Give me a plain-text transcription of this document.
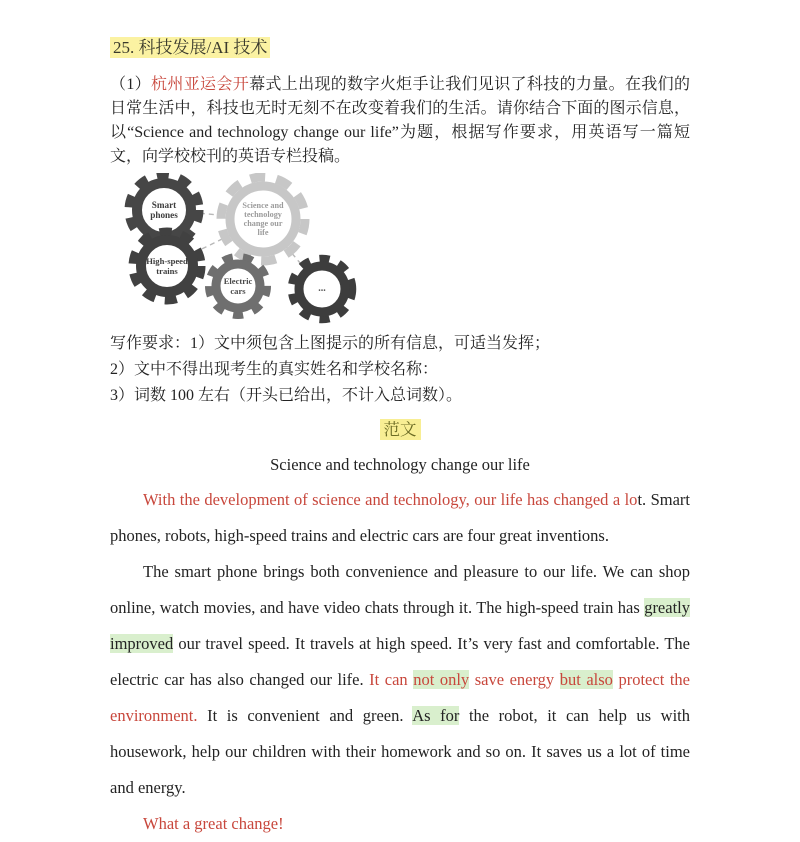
25. 科技发展/AI 技术

（1）杭州亚运会开幕式上出现的数字火炬手让我们见识了科技的力量。在我们的日常生活中，科技也无时无刻不在改变着我们的生活。请你结合下面的图示信息，以“Science and technology change our life”为题，根据写作要求，用英语写一篇短文，向学校校刊的英语专栏投稿。

Science and technology change our life
Smart phones
High-speed trains
Electric cars	...

写作要求：1）文中须包含上图提示的所有信息，可适当发挥；
2）文中不得出现考生的真实姓名和学校名称：
3）词数 100 左右（开头已给出，不计入总词数）。

范文
Science and technology change our life

With the development of science and technology, our life has changed a lot. Smart phones, robots, high-speed trains and electric cars are four great inventions.

The smart phone brings both convenience and pleasure to our life. We can shop online, watch movies, and have video chats through it. The high-speed train has greatly improved our travel speed. It travels at high speed. It’s very fast and comfortable. The electric car has also changed our life. It can not only save energy but also protect the environment. It is convenient and green. As for the robot, it can help us with housework, help our children with their homework and so on. It saves us a lot of time and energy.

What a great change!
